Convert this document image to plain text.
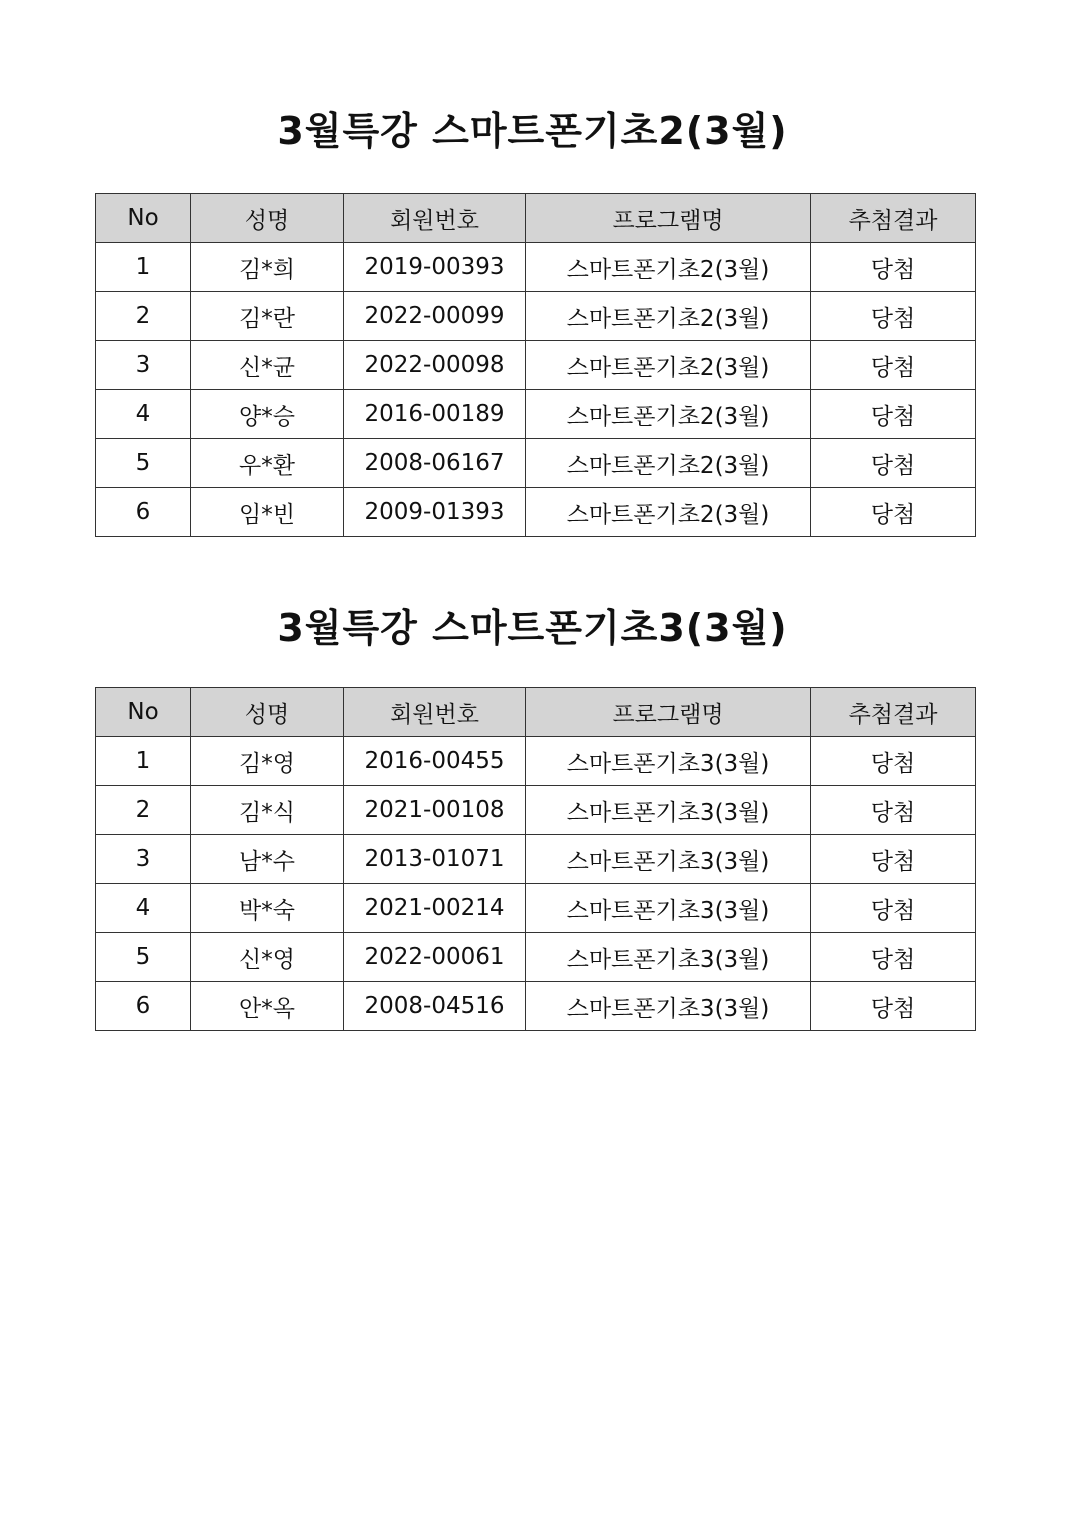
3월특강 스마트폰기초2(3월)
No	성명	회원번호	프로그램명	추첨결과
1	김*희	2019-00393	스마트폰기초2(3월)	당첨
2	김*란	2022-00099	스마트폰기초2(3월)	당첨
3	신*균	2022-00098	스마트폰기초2(3월)	당첨
4	양*승	2016-00189	스마트폰기초2(3월)	당첨
5	우*환	2008-06167	스마트폰기초2(3월)	당첨
6	임*빈	2009-01393	스마트폰기초2(3월)	당첨
3월특강 스마트폰기초3(3월)
No	성명	회원번호	프로그램명	추첨결과
1	김*영	2016-00455	스마트폰기초3(3월)	당첨
2	김*식	2021-00108	스마트폰기초3(3월)	당첨
3	남*수	2013-01071	스마트폰기초3(3월)	당첨
4	박*숙	2021-00214	스마트폰기초3(3월)	당첨
5	신*영	2022-00061	스마트폰기초3(3월)	당첨
6	안*옥	2008-04516	스마트폰기초3(3월)	당첨
